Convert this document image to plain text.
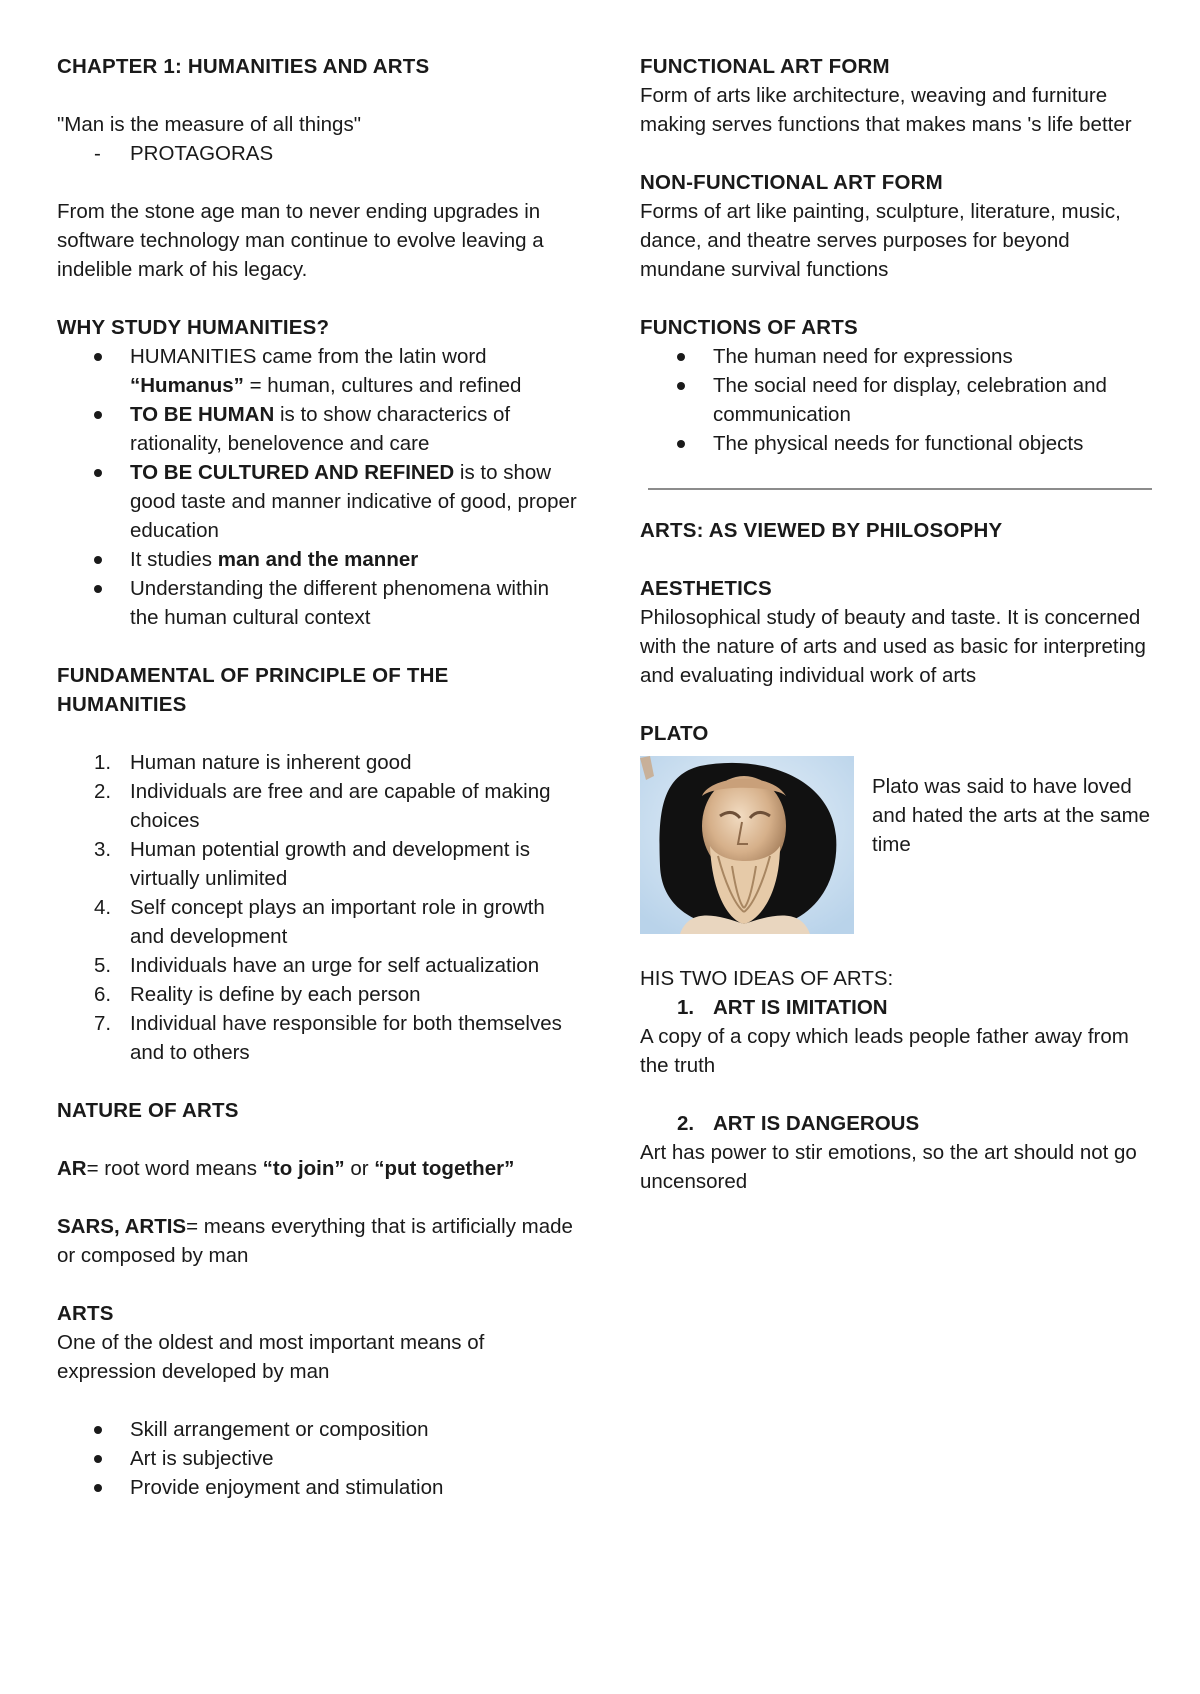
CHAPTER 1: HUMANITIES AND ARTS
"Man is the measure of all things"
- PROTAGORAS
From the stone age man to never ending upgrades in software technology man continue to evolve leaving a indelible mark of his legacy.
WHY STUDY HUMANITIES?
HUMANITIES came from the latin word “Humanus” = human, cultures and refined
TO BE HUMAN is to show characterics of rationality, benelovence and care
TO BE CULTURED AND REFINED is to show good taste and manner indicative of good, proper education
It studies man and the manner
Understanding the different phenomena within the human cultural context
FUNDAMENTAL OF PRINCIPLE OF THE HUMANITIES
1. Human nature is inherent good
2. Individuals are free and are capable of making choices
3. Human potential growth and development is virtually unlimited
4. Self concept plays an important role in growth and development
5. Individuals have an urge for self actualization
6. Reality is define by each person
7. Individual have responsible for both themselves and to others
NATURE OF ARTS
AR= root word means “to join” or “put together”
SARS, ARTIS= means everything that is artificially made or composed by man
ARTS
One of the oldest and most important means of expression developed by man
Skill arrangement or composition
Art is subjective
Provide enjoyment and stimulation
FUNCTIONAL ART FORM
Form of arts like architecture, weaving and furniture making serves functions that makes mans 's life better
NON-FUNCTIONAL ART FORM
Forms of art like painting, sculpture, literature, music, dance, and theatre serves purposes for beyond mundane survival functions
FUNCTIONS OF ARTS
The human need for expressions
The social need for display, celebration and communication
The physical needs for functional objects
ARTS: AS VIEWED BY PHILOSOPHY
AESTHETICS
Philosophical study of beauty and taste. It is concerned with the nature of arts and used as basic for interpreting and evaluating individual work of arts
PLATO
Plato was said to have loved and hated the arts at the same time
HIS TWO IDEAS OF ARTS:
1. ART IS IMITATION
A copy of a copy which leads people father away from the truth
2. ART IS DANGEROUS
Art has power to stir emotions, so the art should not go uncensored
